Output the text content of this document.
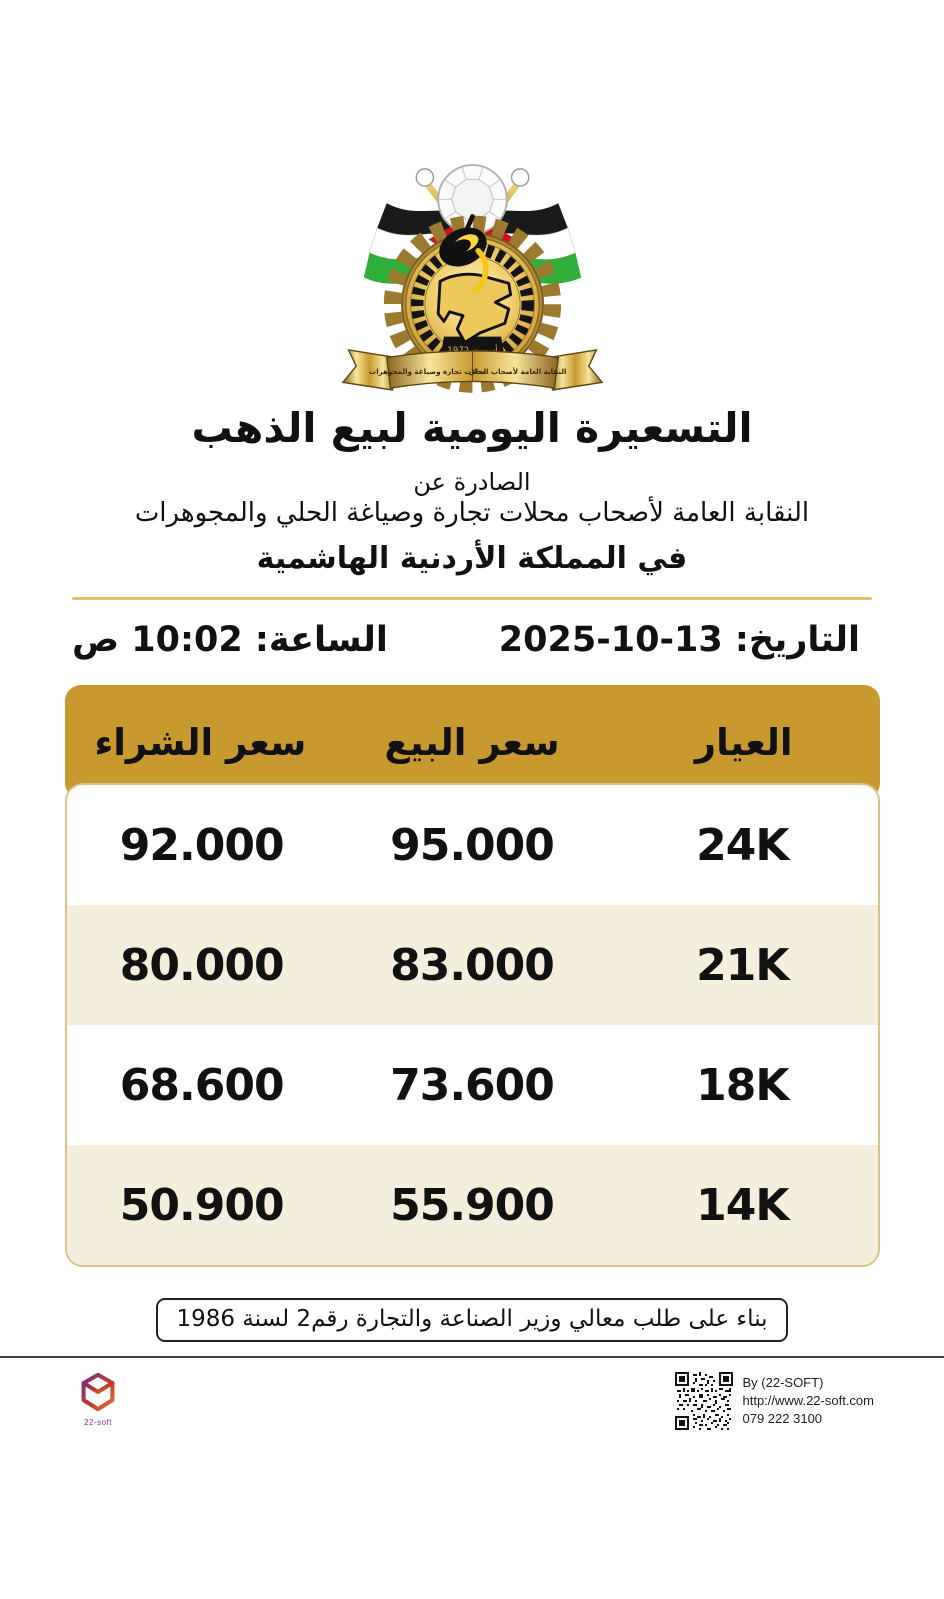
النقابة العامة لأصحاب الحلي
محلات تجارة وصياغة والمجوهرات
التسعيرة اليومية لبيع الذهب

الصادرة عن

النقابة العامة لأصحاب محلات تجارة وصياغة الحلي والمجوهرات

في المملكة الأردنية الهاشمية

التاريخ: 13-10-2025
الساعة: 10:02 ص
العيار
سعر البيع
سعر الشراء
24K
95.000
92.000
21K
83.000
80.000
18K
73.600
68.600
14K
55.900
50.900
بناء على طلب معالي وزير الصناعة والتجارة رقم2 لسنة 1986
22-soft
By (22-SOFT)
http://www.22-soft.com
079 222 3100
